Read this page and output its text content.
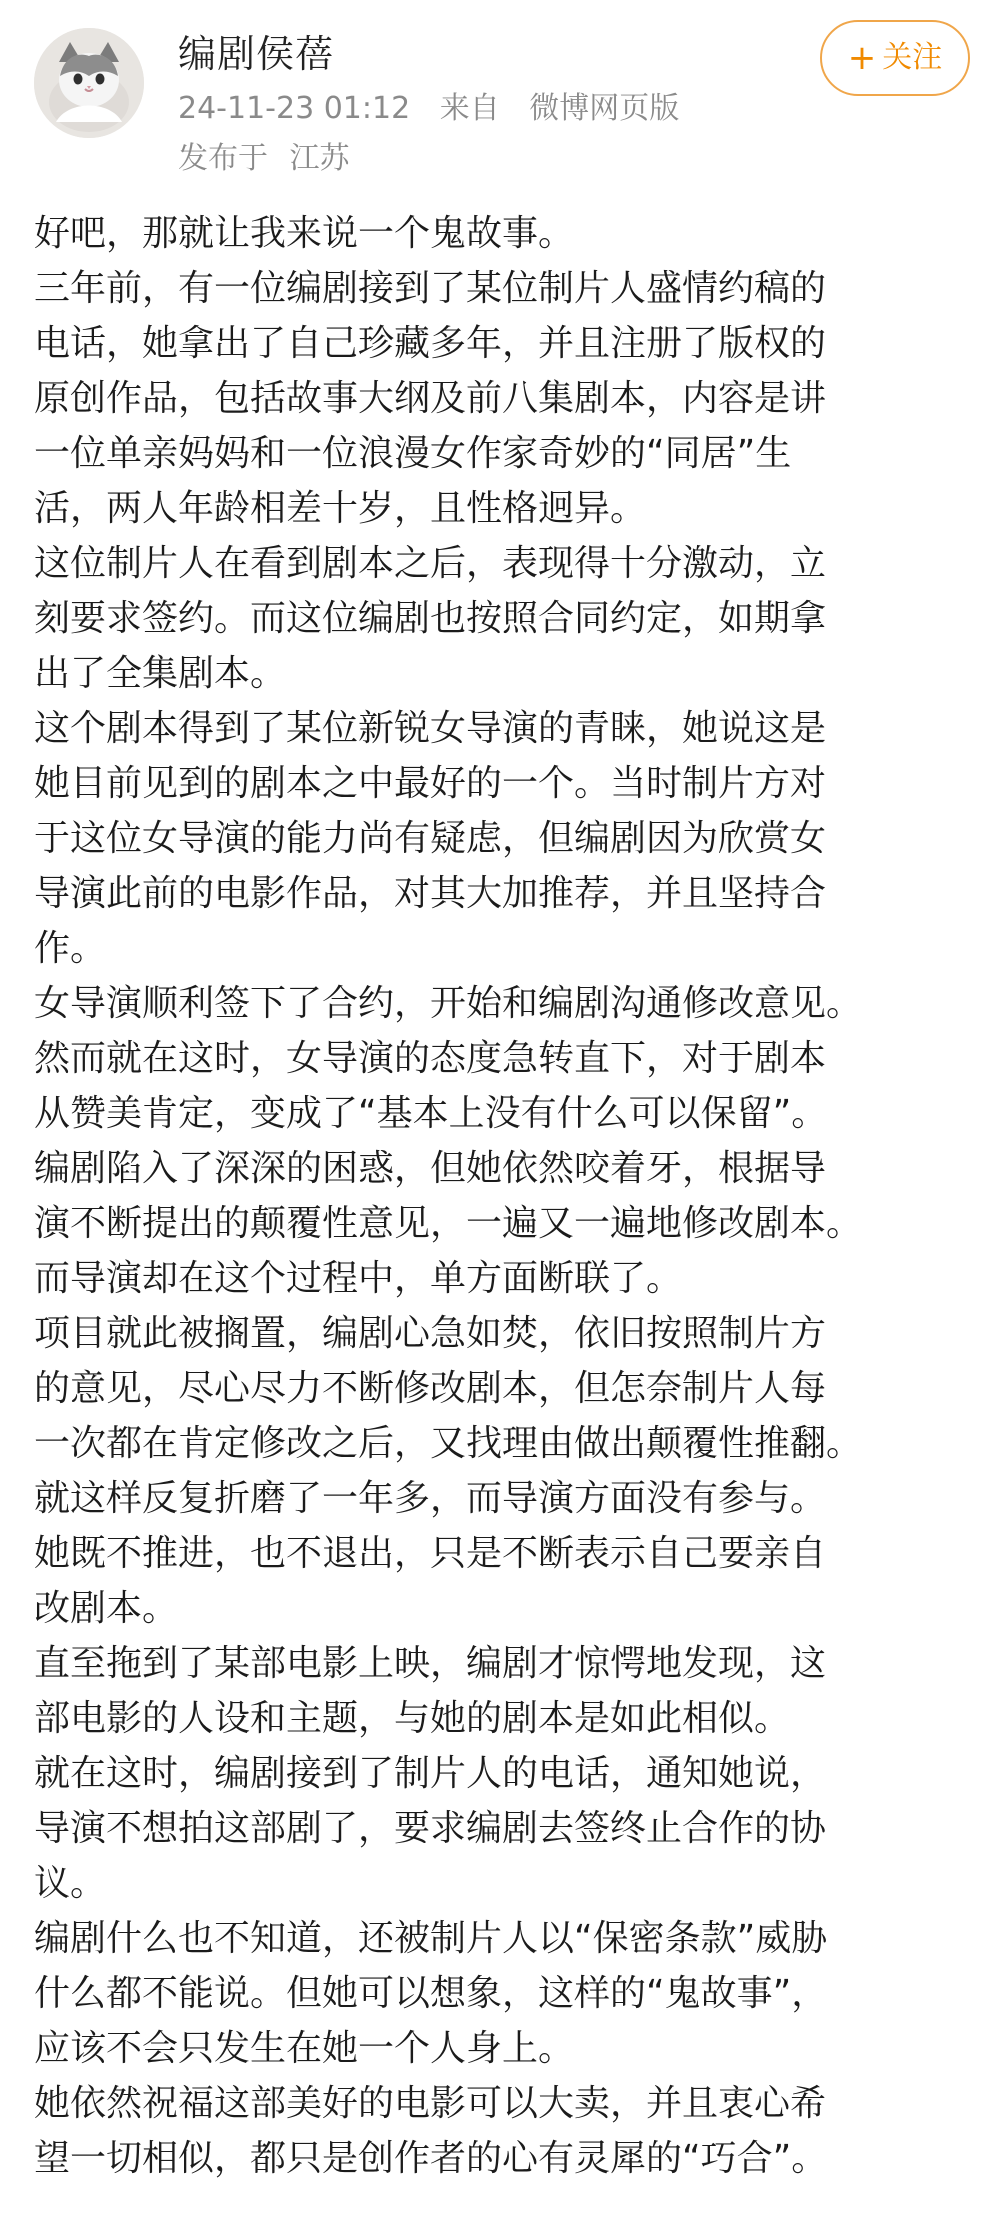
编剧侯蓓
24-11-23 01:12 来自 微博网页版
发布于 江苏
+ 关注
好吧，那就让我来说一个鬼故事。
三年前，有一位编剧接到了某位制片人盛情约稿的
电话，她拿出了自己珍藏多年，并且注册了版权的
原创作品，包括故事大纲及前八集剧本，内容是讲
一位单亲妈妈和一位浪漫女作家奇妙的“同居”生
活，两人年龄相差十岁，且性格迥异。
这位制片人在看到剧本之后，表现得十分激动，立
刻要求签约。而这位编剧也按照合同约定，如期拿
出了全集剧本。
这个剧本得到了某位新锐女导演的青睐，她说这是
她目前见到的剧本之中最好的一个。当时制片方对
于这位女导演的能力尚有疑虑，但编剧因为欣赏女
导演此前的电影作品，对其大加推荐，并且坚持合
作。
女导演顺利签下了合约，开始和编剧沟通修改意见。
然而就在这时，女导演的态度急转直下，对于剧本
从赞美肯定，变成了“基本上没有什么可以保留”。
编剧陷入了深深的困惑，但她依然咬着牙，根据导
演不断提出的颠覆性意见，一遍又一遍地修改剧本。
而导演却在这个过程中，单方面断联了。
项目就此被搁置，编剧心急如焚，依旧按照制片方
的意见，尽心尽力不断修改剧本，但怎奈制片人每
一次都在肯定修改之后，又找理由做出颠覆性推翻。
就这样反复折磨了一年多，而导演方面没有参与。
她既不推进，也不退出，只是不断表示自己要亲自
改剧本。
直至拖到了某部电影上映，编剧才惊愕地发现，这
部电影的人设和主题，与她的剧本是如此相似。
就在这时，编剧接到了制片人的电话，通知她说，
导演不想拍这部剧了，要求编剧去签终止合作的协
议。
编剧什么也不知道，还被制片人以“保密条款”威胁
什么都不能说。但她可以想象，这样的“鬼故事”，
应该不会只发生在她一个人身上。
她依然祝福这部美好的电影可以大卖，并且衷心希
望一切相似，都只是创作者的心有灵犀的“巧合”。
